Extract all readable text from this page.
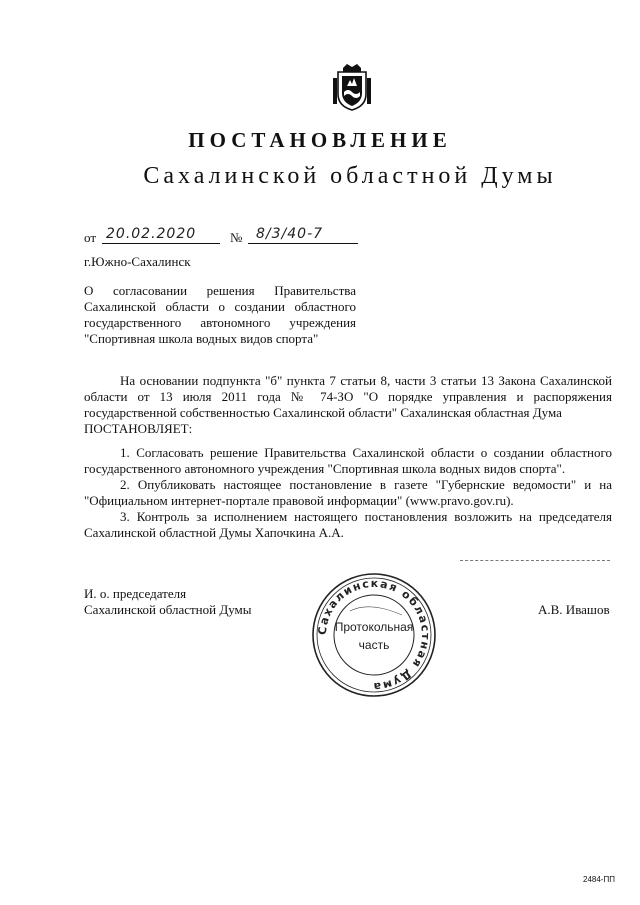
ПОСТАНОВЛЕНИЕ
Сахалинской областной Думы
от 20.02.2020	№ 8/3/40-7
г.Южно-Сахалинск
О согласовании решения Правительства Сахалинской области о создании областного государственного автономного учреждения "Спортивная школа водных видов спорта"

На основании подпункта "б" пункта 7 статьи 8, части 3 статьи 13 Закона Сахалинской области от 13 июля 2011 года № 74-ЗО "О порядке управления и распоряжения государственной собственностью Сахалинской области" Сахалинская областная Дума

ПОСТАНОВЛЯЕТ:

1. Согласовать решение Правительства Сахалинской области о создании областного государственного автономного учреждения "Спортивная школа водных видов спорта".

2. Опубликовать настоящее постановление в газете "Губернские ведомости" и на "Официальном интернет-портале правовой информации" (www.pravo.gov.ru).

3. Контроль за исполнением настоящего постановления возложить на председателя Сахалинской областной Думы Хапочкина А.А.

И. о. председателя
Сахалинской областной Думы
Сахалинская областная Дума
Протокольная
часть
А.В. Ивашов
2484-ПП
